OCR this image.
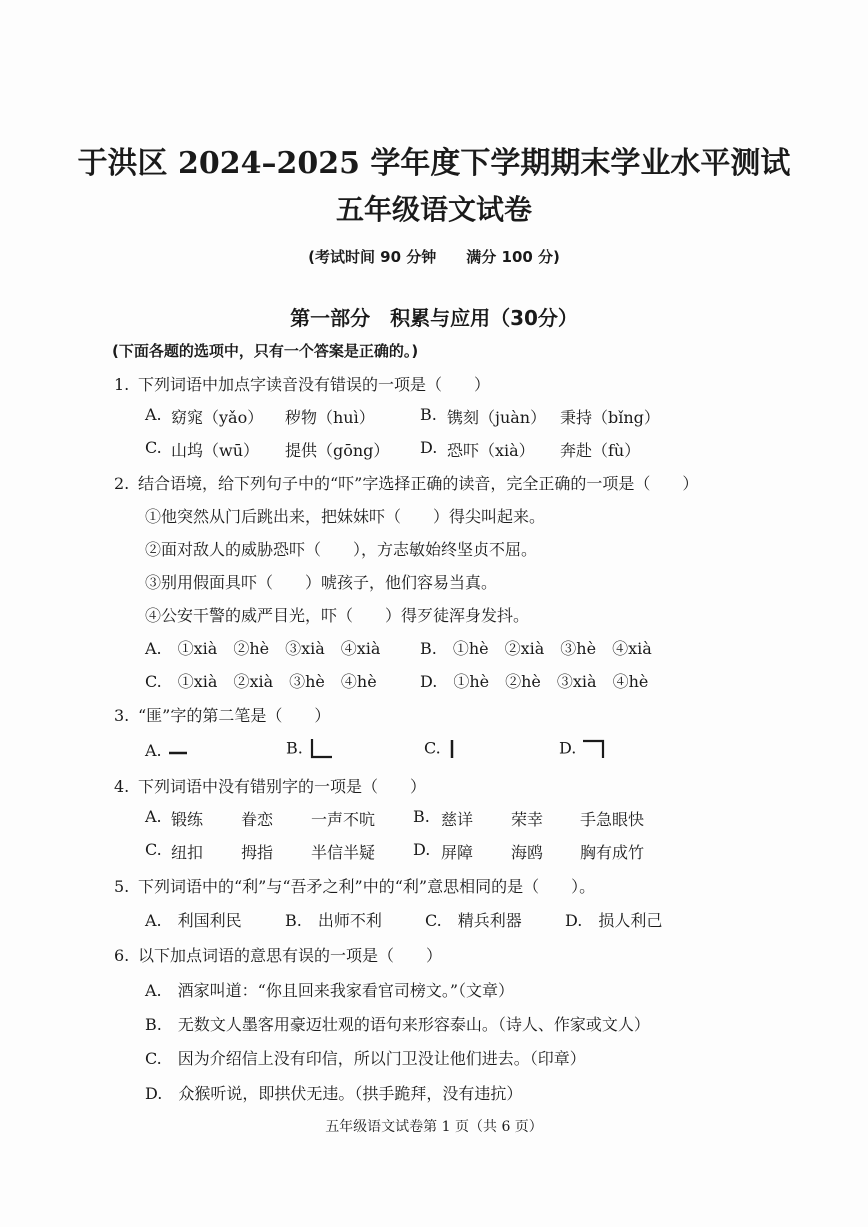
于洪区 2024–2025 学年度下学期期末学业水平测试
五年级语文试卷
(考试时间 90 分钟 满分 100 分)
第一部分　积累与应用（30分）
(下面各题的选项中，只有一个答案是正确的。)
1. 下列词语中加点字读音没有错误的一项是（　　）
A. 窈窕（yǎo） 秽物（huì）	B. 镌刻（juàn） 秉持（bǐng）
C. 山坞（wū） 提供（gōng） D. 恐吓（xià） 奔赴（fù）
2. 结合语境，给下列句子中的“吓”字选择正确的读音，完全正确的一项是（　　）
①他突然从门后跳出来，把妹妹吓（　　）得尖叫起来。
②面对敌人的威胁恐吓（　　），方志敏始终坚贞不屈。
③别用假面具吓（　　）唬孩子，他们容易当真。
④公安干警的威严目光，吓（　　）得歹徒浑身发抖。
A.　①xià　②hè　③xià　④xià B.　①hè　②xià　③hè　④xià
C.　①xià　②xià　③hè　④hè	D.　①hè　②hè　③xià　④hè
3. “匪”字的第二笔是（　　）
A.	B.	C.	D.
4. 下列词语中没有错别字的一项是（　　）
A. 锻练 眷恋 一声不吭 B. 慈详 荣幸 手急眼快
C. 纽扣 拇指 半信半疑 D. 屏障 海鸥 胸有成竹
5. 下列词语中的“利”与“吾矛之利”中的“利”意思相同的是（　　）。
A.　利国利民	B.　出师不利	C.　精兵利器	D.　损人利己
6. 以下加点词语的意思有误的一项是（　　）
A.　酒家叫道：“你且回来我家看官司榜文。”（文章）
B.　无数文人墨客用豪迈壮观的语句来形容泰山。（诗人、作家或文人）
C.　因为介绍信上没有印信，所以门卫没让他们进去。（印章）
D.　众猴听说，即拱伏无违。（拱手跪拜，没有违抗）
五年级语文试卷第 1 页（共 6 页）
